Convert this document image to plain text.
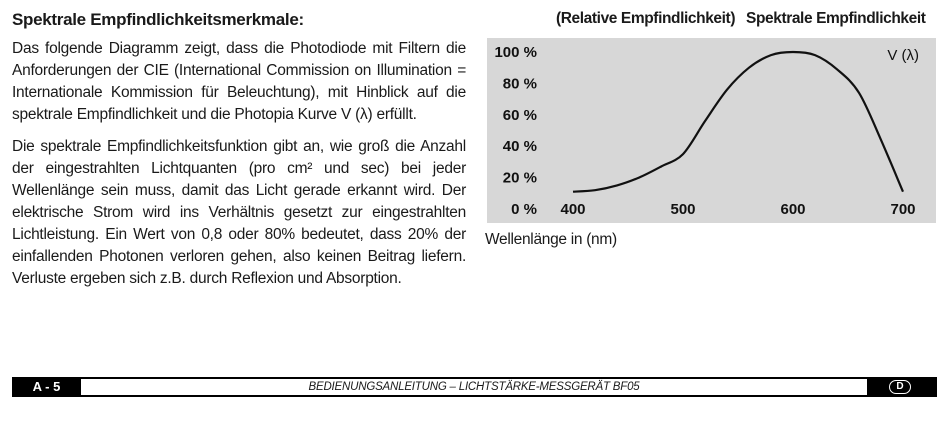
Spektrale Empfindlichkeitsmerkmale:

Das folgende Diagramm zeigt, dass die Photodiode mit Filtern die Anforderungen der CIE (International Commission on Illumination = Internationale Kommission für Beleuchtung), mit Hinblick auf die spektrale Empfindlichkeit und die Photopia Kurve V (λ) erfüllt.

Die spektrale Empfindlichkeitsfunktion gibt an, wie groß die Anzahl der eingestrahlten Lichtquanten (pro cm² und sec) bei jeder Wellenlänge sein muss, damit das Licht gerade erkannt wird. Der elektrische Strom wird ins Verhältnis gesetzt zur eingestrahlten Lichtleistung. Ein Wert von 0,8 oder 80% bedeutet, dass 20% der einfallenden Photonen verloren gehen, also keinen Beitrag liefern. Verluste ergeben sich z.B. durch Reflexion und Absorption.

(Relative Empfindlichkeit) Spektrale Empfindlichkeit
100 %
80 %
60 %
40 %
20 %
0 % 400	500	600	700
V (λ)
Wellenlänge in (nm)
A - 5	BEDIENUNGSANLEITUNG – LICHTSTÄRKE-MESSGERÄT BF05	D
